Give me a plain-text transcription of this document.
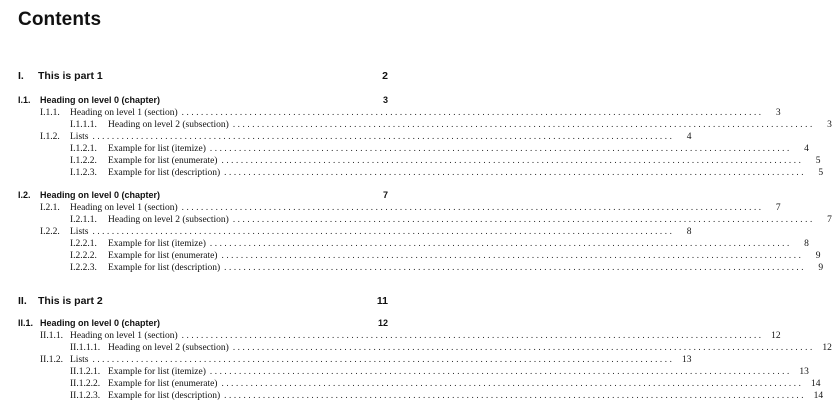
Contents
I.	This is part 1	2
I.1.	Heading on level 0 (chapter)	3
I.1.1.	Heading on level 1 (section) ........................................................................................................................	3
I.1.1.1.	Heading on level 2 (subsection) ........................................................................................................................	3
I.1.2.	Lists ........................................................................................................................	4
I.1.2.1.	Example for list (itemize) ........................................................................................................................	4
I.1.2.2.	Example for list (enumerate) ........................................................................................................................	5
I.1.2.3.	Example for list (description) ........................................................................................................................	5
I.2.	Heading on level 0 (chapter)	7
I.2.1.	Heading on level 1 (section) ........................................................................................................................	7
I.2.1.1.	Heading on level 2 (subsection) ........................................................................................................................	7
I.2.2.	Lists ........................................................................................................................	8
I.2.2.1.	Example for list (itemize) ........................................................................................................................	8
I.2.2.2.	Example for list (enumerate) ........................................................................................................................	9
I.2.2.3.	Example for list (description) ........................................................................................................................	9
II.	This is part 2	11
II.1. Heading on level 0 (chapter)	12
II.1.1. Heading on level 1 (section) ........................................................................................................................ 12
II.1.1.1. Heading on level 2 (subsection) ........................................................................................................................ 12
II.1.2. Lists ........................................................................................................................ 13
II.1.2.1. Example for list (itemize) ........................................................................................................................ 13
II.1.2.2. Example for list (enumerate) ........................................................................................................................ 14
II.1.2.3. Example for list (description) ........................................................................................................................ 14
